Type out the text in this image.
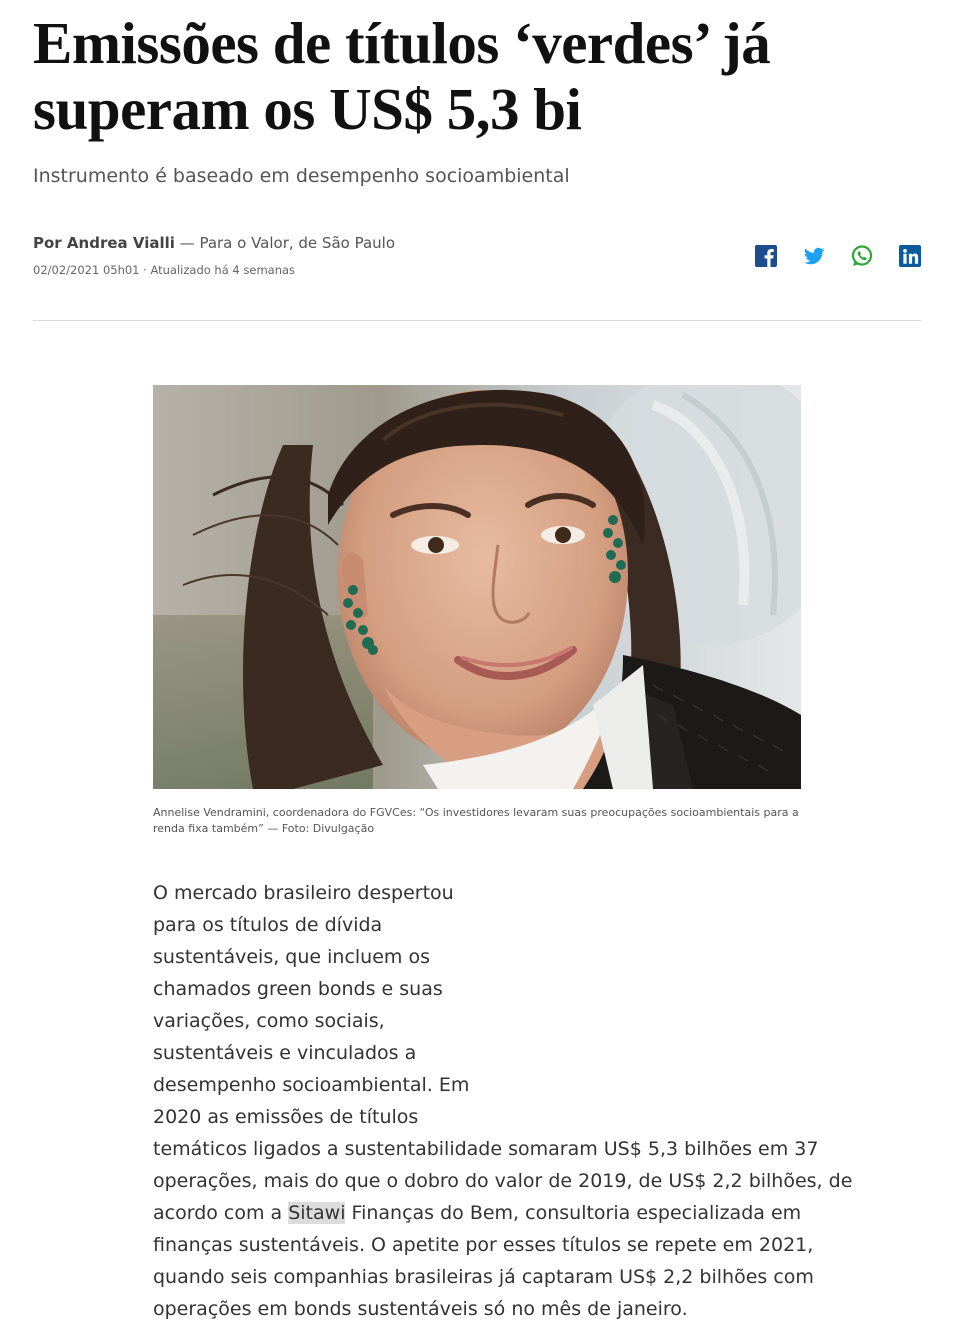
Emissões de títulos ‘verdes’ já superam os US$ 5,3 bi

Instrumento é baseado em desempenho socioambiental

Por Andrea Vialli — Para o Valor, de São Paulo
02/02/2021 05h01 · Atualizado há 4 semanas
Annelise Vendramini, coordenadora do FGVCes: “Os investidores levaram suas preocupações socioambientais para a renda fixa também” — Foto: Divulgação
O mercado brasileiro despertou
para os títulos de dívida
sustentáveis, que incluem os
chamados green bonds e suas
variações, como sociais,
sustentáveis e vinculados a
desempenho socioambiental. Em
2020 as emissões de títulos
temáticos ligados a sustentabilidade somaram US$ 5,3 bilhões em 37
operações, mais do que o dobro do valor de 2019, de US$ 2,2 bilhões, de
acordo com a Sitawi Finanças do Bem, consultoria especializada em
finanças sustentáveis. O apetite por esses títulos se repete em 2021,
quando seis companhias brasileiras já captaram US$ 2,2 bilhões com
operações em bonds sustentáveis só no mês de janeiro.
